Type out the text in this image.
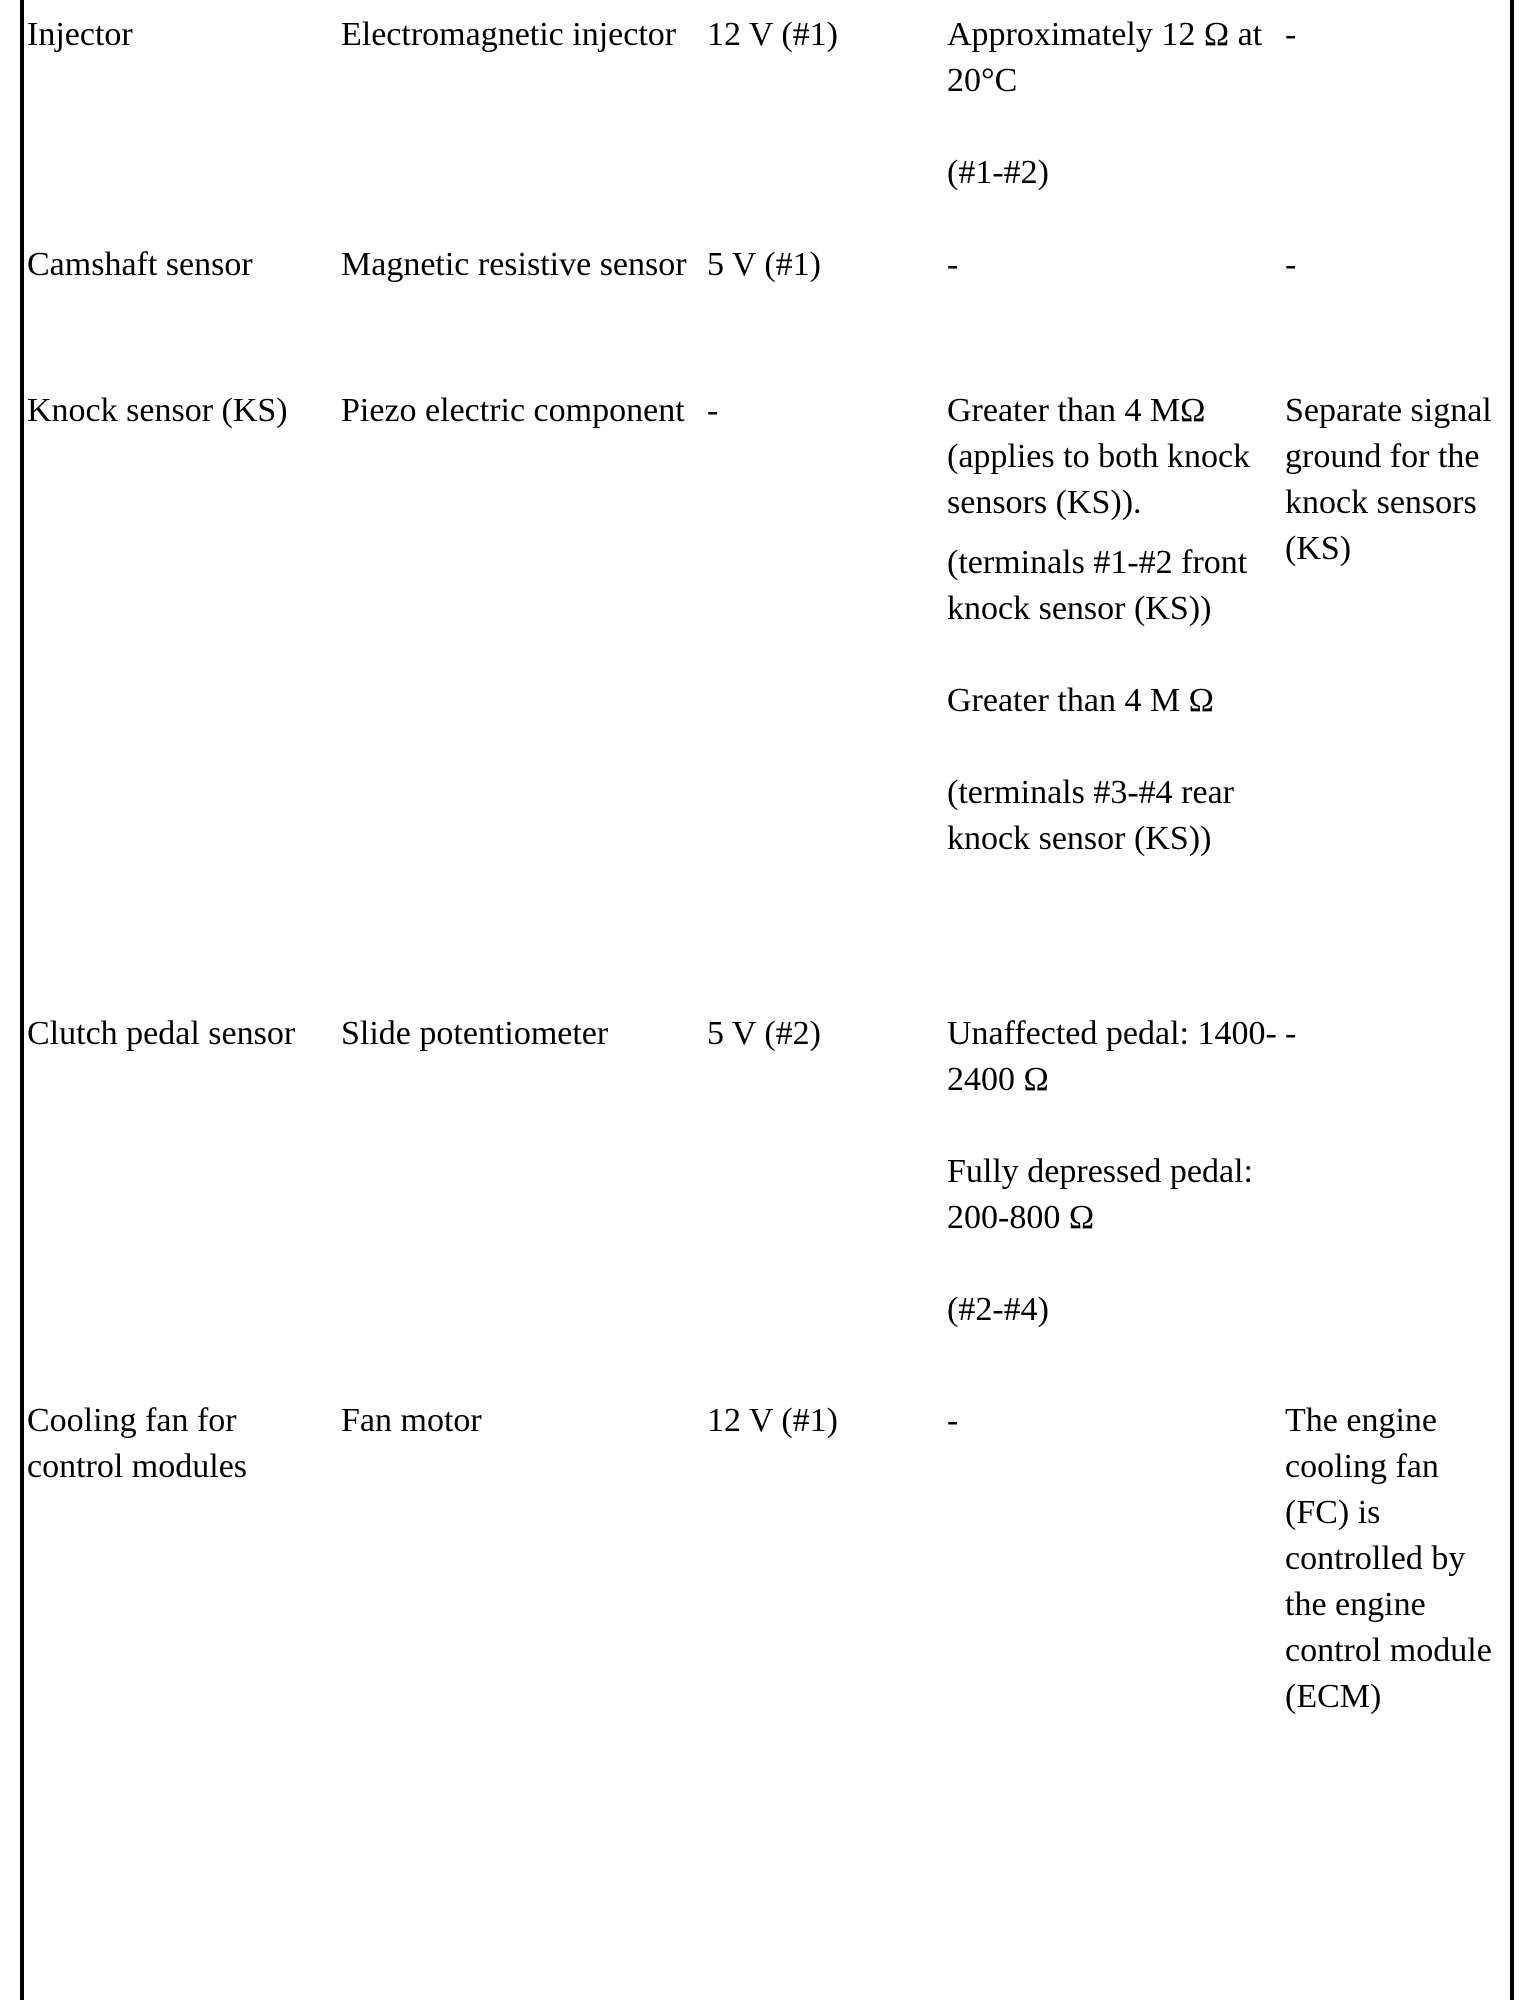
Injector	Electromagnetic injector	12 V (#1)	Approximately 12 Ω at 20°C
(#1-#2)	-
Camshaft sensor	Magnetic resistive sensor	5 V (#1)	-	-
Knock sensor (KS)	Piezo electric component	-	Greater than 4 MΩ (applies to both knock sensors (KS)).
(terminals #1-#2 front knock sensor (KS))
Greater than 4 M Ω
(terminals #3-#4 rear knock sensor (KS))	Separate signal ground for the knock sensors (KS)

Clutch pedal sensor	Slide potentiometer	5 V (#2)	Unaffected pedal: 1400-2400 Ω
Fully depressed pedal: 200-800 Ω
(#2-#4)	-
Cooling fan for control modules	Fan motor	12 V (#1)	-	The engine cooling fan (FC) is controlled by the engine control module (ECM)
